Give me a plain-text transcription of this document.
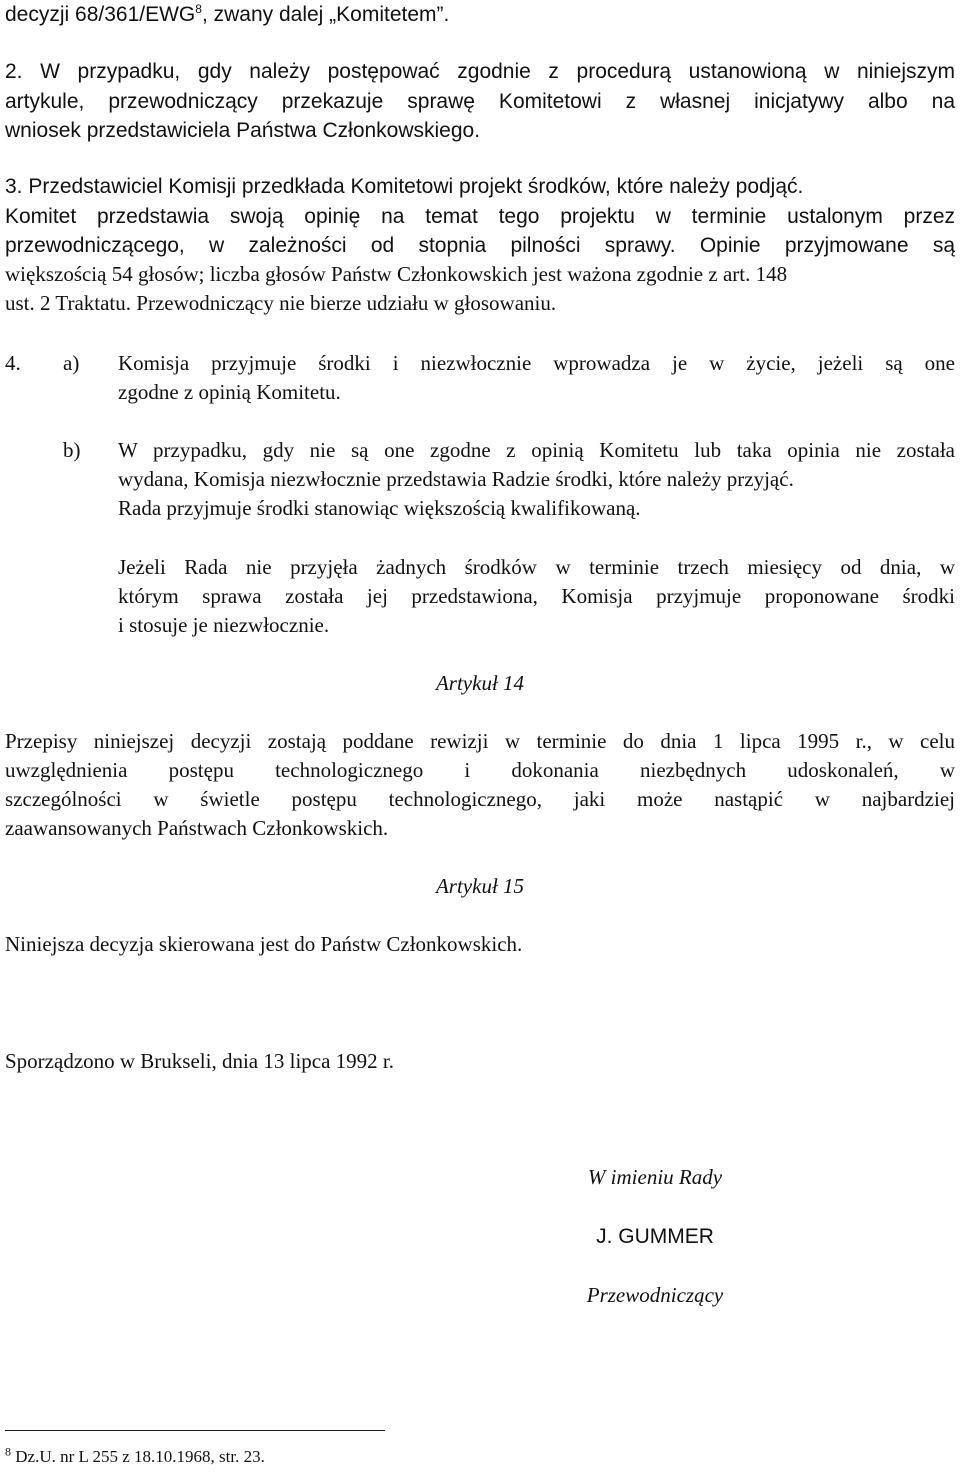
decyzji 68/361/EWG$^8$, zwany dalej „Komitetem”.
2. W przypadku, gdy należy postępować zgodnie z procedurą ustanowioną w niniejszym
artykule, przewodniczący przekazuje sprawę Komitetowi z własnej inicjatywy albo na
wniosek przedstawiciela Państwa Członkowskiego.
3. Przedstawiciel Komisji przedkłada Komitetowi projekt środków, które należy podjąć.
Komitet przedstawia swoją opinię na temat tego projektu w terminie ustalonym przez
przewodniczącego, w zależności od stopnia pilności sprawy. Opinie przyjmowane są
większością 54 głosów; liczba głosów Państw Członkowskich jest ważona zgodnie z art. 148
ust. 2 Traktatu. Przewodniczący nie bierze udziału w głosowaniu.
4. a) Komisja przyjmuje środki i niezwłocznie wprowadza je w życie, jeżeli są one
zgodne z opinią Komitetu.
b) W przypadku, gdy nie są one zgodne z opinią Komitetu lub taka opinia nie została
wydana, Komisja niezwłocznie przedstawia Radzie środki, które należy przyjąć.
Rada przyjmuje środki stanowiąc większością kwalifikowaną.
Jeżeli Rada nie przyjęła żadnych środków w terminie trzech miesięcy od dnia, w
którym sprawa została jej przedstawiona, Komisja przyjmuje proponowane środki
i stosuje je niezwłocznie.
Artykuł 14
Przepisy niniejszej decyzji zostają poddane rewizji w terminie do dnia 1 lipca 1995 r., w celu
uwzględnienia postępu technologicznego i dokonania niezbędnych udoskonaleń, w
szczególności w świetle postępu technologicznego, jaki może nastąpić w najbardziej
zaawansowanych Państwach Członkowskich.
Artykuł 15
Niniejsza decyzja skierowana jest do Państw Członkowskich.
Sporządzono w Brukseli, dnia 13 lipca 1992 r.
W imieniu Rady
J. GUMMER
Przewodniczący
$^8$ Dz.U. nr L 255 z 18.10.1968, str. 23.
